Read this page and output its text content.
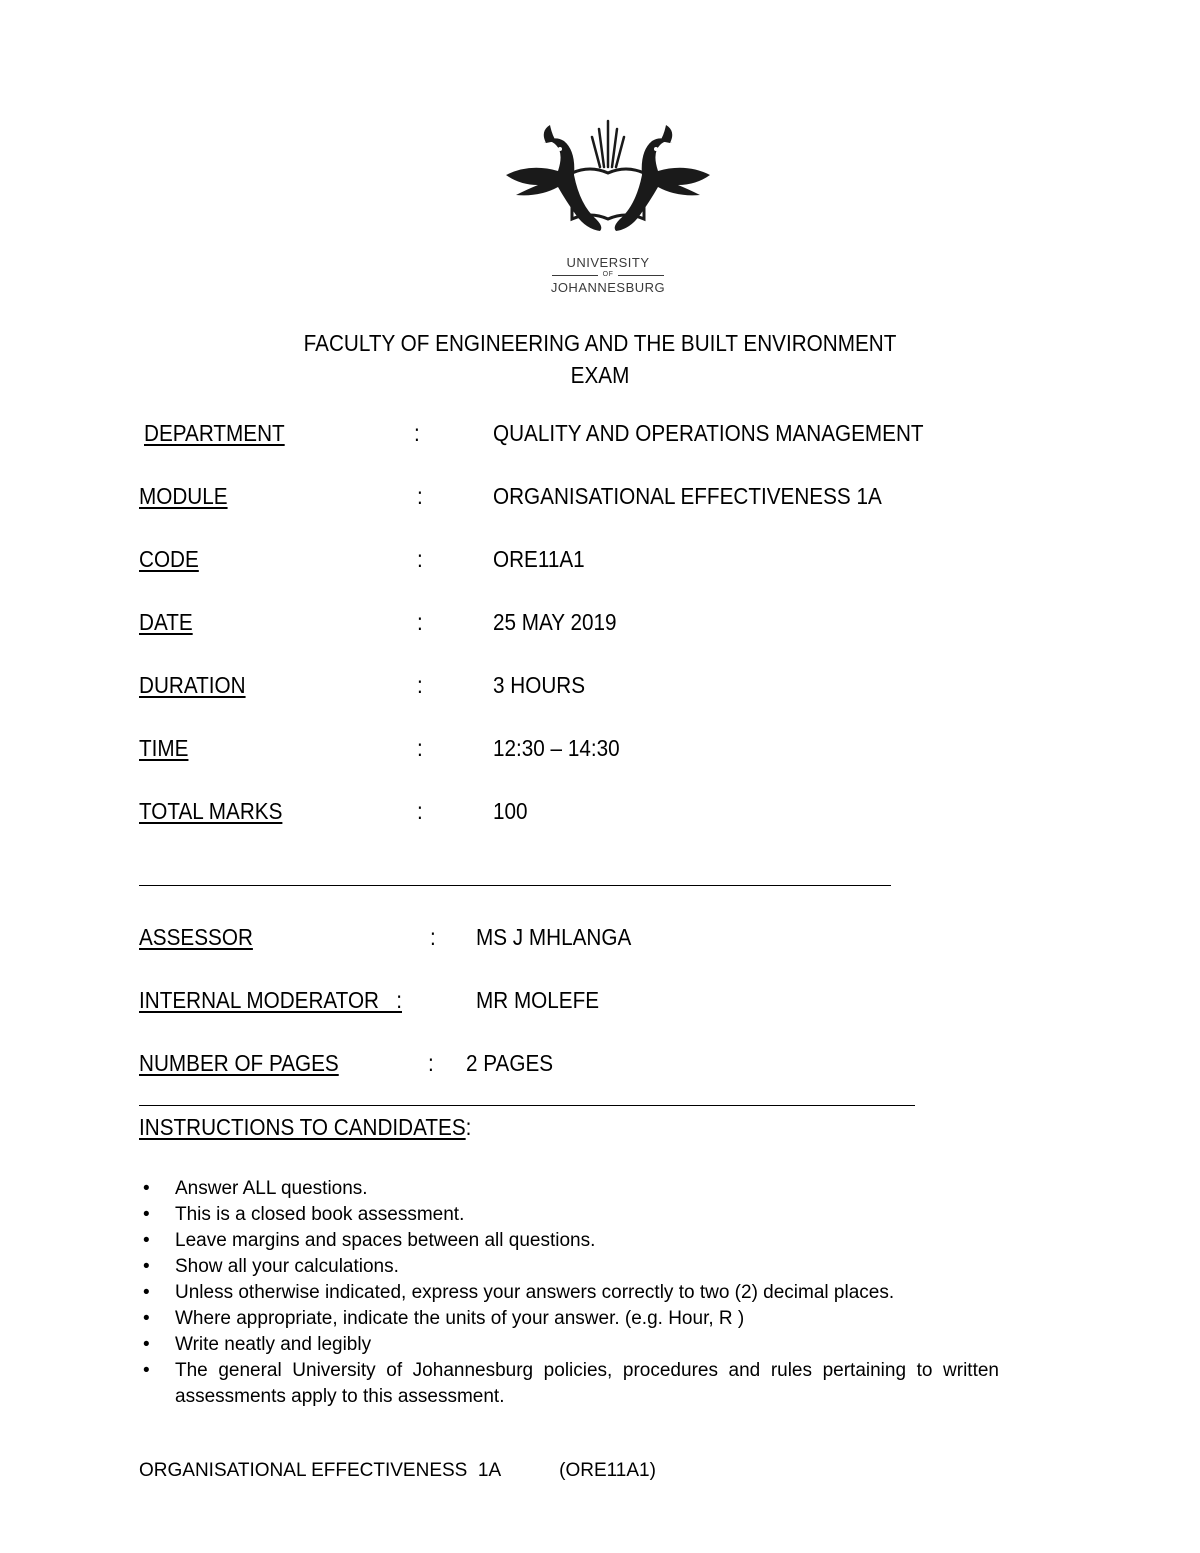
UNIVERSITY
OF
JOHANNESBURG
FACULTY OF ENGINEERING AND THE BUILT ENVIRONMENT
EXAM
DEPARTMENT	:	QUALITY AND OPERATIONS MANAGEMENT
MODULE	:	ORGANISATIONAL EFFECTIVENESS 1A
CODE	:	ORE11A1
DATE	:	25 MAY 2019
DURATION	:	3 HOURS
TIME	:	12:30 – 14:30
TOTAL MARKS	:	100
ASSESSOR	: MS J MHLANGA
INTERNAL MODERATOR   :	MR MOLEFE
NUMBER OF PAGES	: 2 PAGES
INSTRUCTIONS TO CANDIDATES:
• Answer ALL questions.
• This is a closed book assessment.
• Leave margins and spaces between all questions.
• Show all your calculations.
• Unless otherwise indicated, express your answers correctly to two (2) decimal places.
• Where appropriate, indicate the units of your answer. (e.g. Hour, R )
• Write neatly and legibly
• The general University of Johannesburg policies, procedures and rules pertaining to written assessments apply to this assessment.
ORGANISATIONAL EFFECTIVENESS  1A	(ORE11A1)
